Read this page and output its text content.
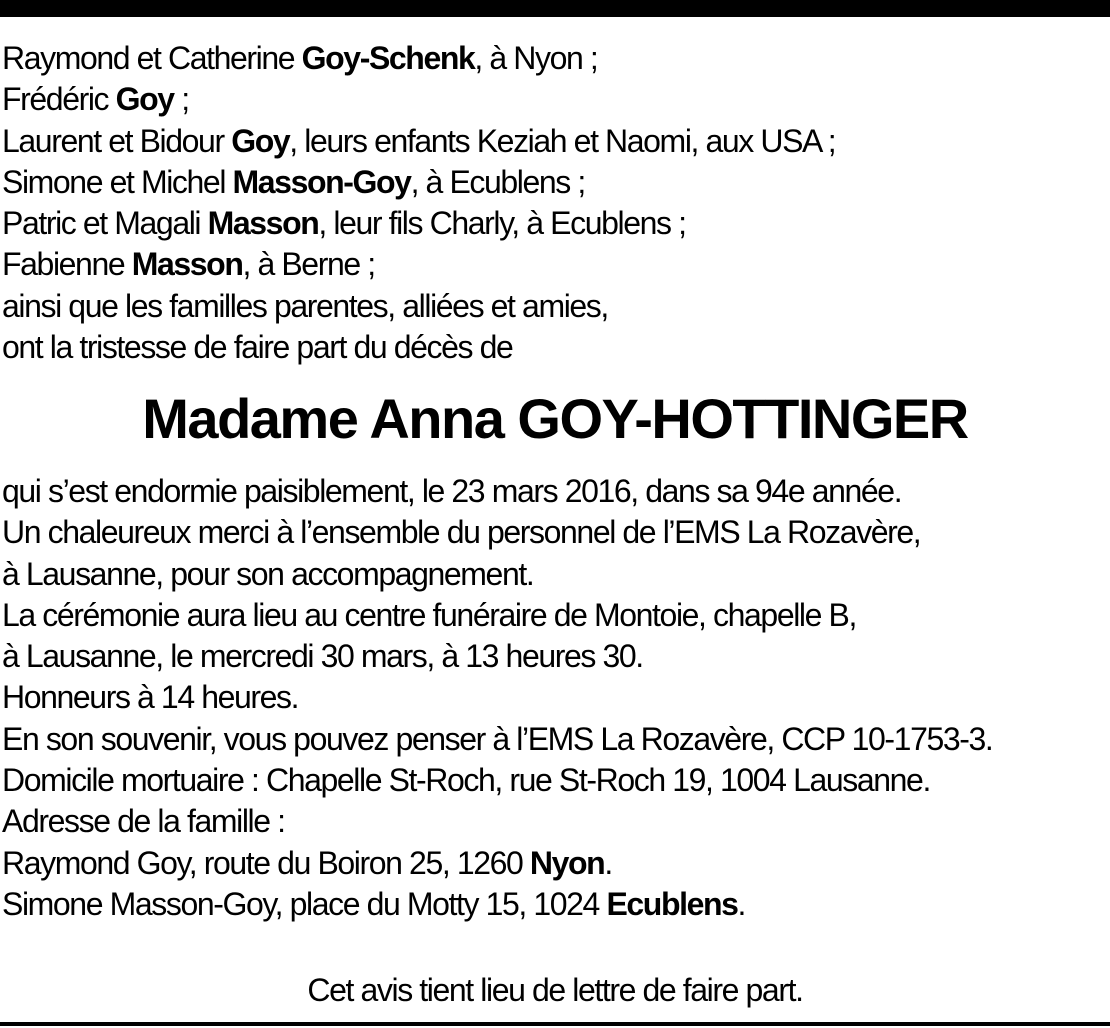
Raymond et Catherine Goy-Schenk, à Nyon ;
Frédéric Goy ;
Laurent et Bidour Goy, leurs enfants Keziah et Naomi, aux USA ;
Simone et Michel Masson-Goy, à Ecublens ;
Patric et Magali Masson, leur fils Charly, à Ecublens ;
Fabienne Masson, à Berne ;
ainsi que les familles parentes, alliées et amies,
ont la tristesse de faire part du décès de
Madame Anna GOY-HOTTINGER
qui s’est endormie paisiblement, le 23 mars 2016, dans sa 94e année.
Un chaleureux merci à l’ensemble du personnel de l’EMS La Rozavère,
à Lausanne, pour son accompagnement.
La cérémonie aura lieu au centre funéraire de Montoie, chapelle B,
à Lausanne, le mercredi 30 mars, à 13 heures 30.
Honneurs à 14 heures.
En son souvenir, vous pouvez penser à l’EMS La Rozavère, CCP 10-1753-3.
Domicile mortuaire : Chapelle St-Roch, rue St-Roch 19, 1004 Lausanne.
Adresse de la famille :
Raymond Goy, route du Boiron 25, 1260 Nyon.
Simone Masson-Goy, place du Motty 15, 1024 Ecublens.
Cet avis tient lieu de lettre de faire part.
